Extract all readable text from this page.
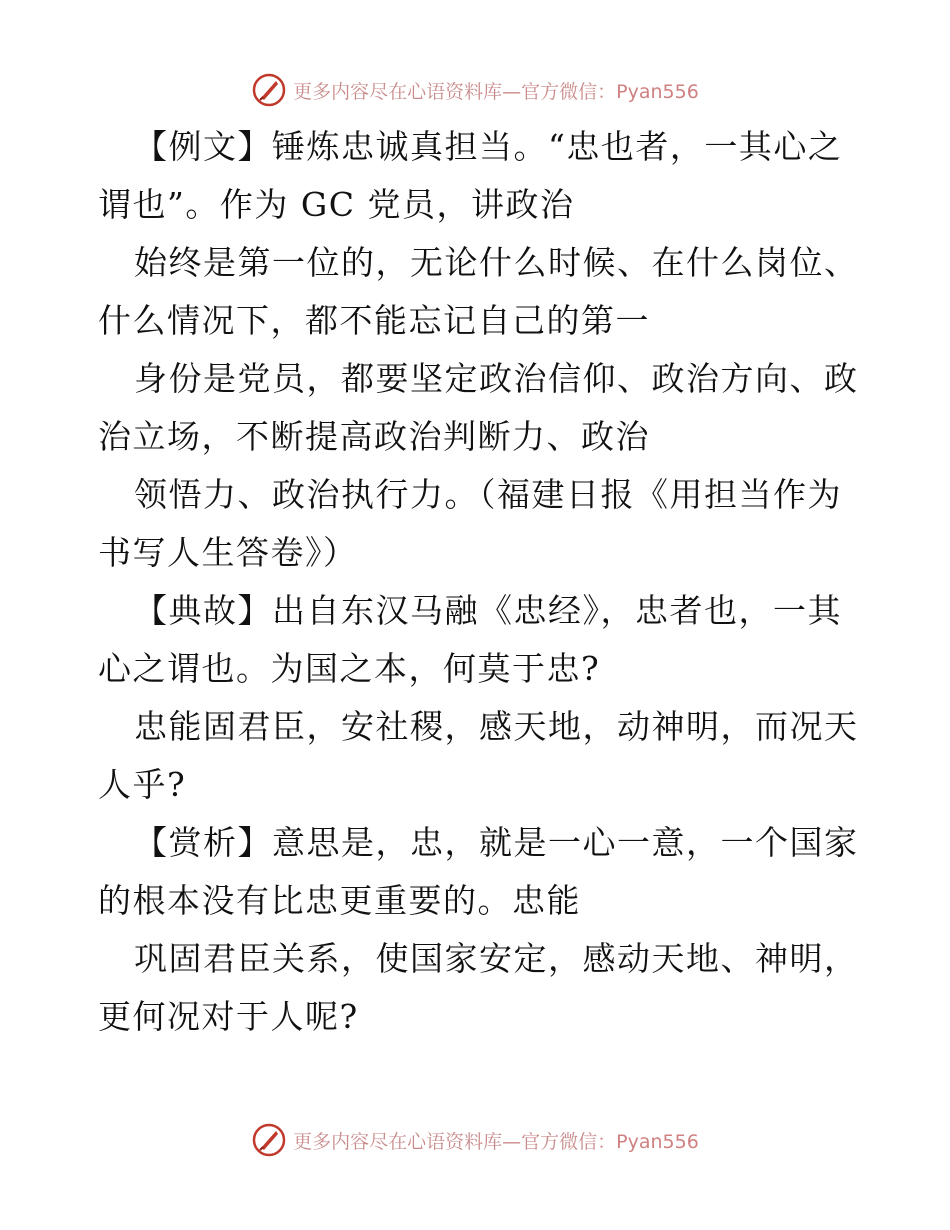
更多内容尽在心语资料库—官方微信：Pyan556

【例文】锤炼忠诚真担当。“忠也者，一其心之
谓也”。作为 GC 党员，讲政治

始终是第一位的，无论什么时候、在什么岗位、
什么情况下，都不能忘记自己的第一

身份是党员，都要坚定政治信仰、政治方向、政
治立场，不断提高政治判断力、政治

领悟力、政治执行力。（福建日报《用担当作为
书写人生答卷》）

【典故】出自东汉马融《忠经》，忠者也，一其
心之谓也。为国之本，何莫于忠?

忠能固君臣，安社稷，感天地，动神明，而况天
人乎?

【赏析】意思是，忠，就是一心一意，一个国家
的根本没有比忠更重要的。忠能

巩固君臣关系，使国家安定，感动天地、神明，
更何况对于人呢?

更多内容尽在心语资料库—官方微信：Pyan556
